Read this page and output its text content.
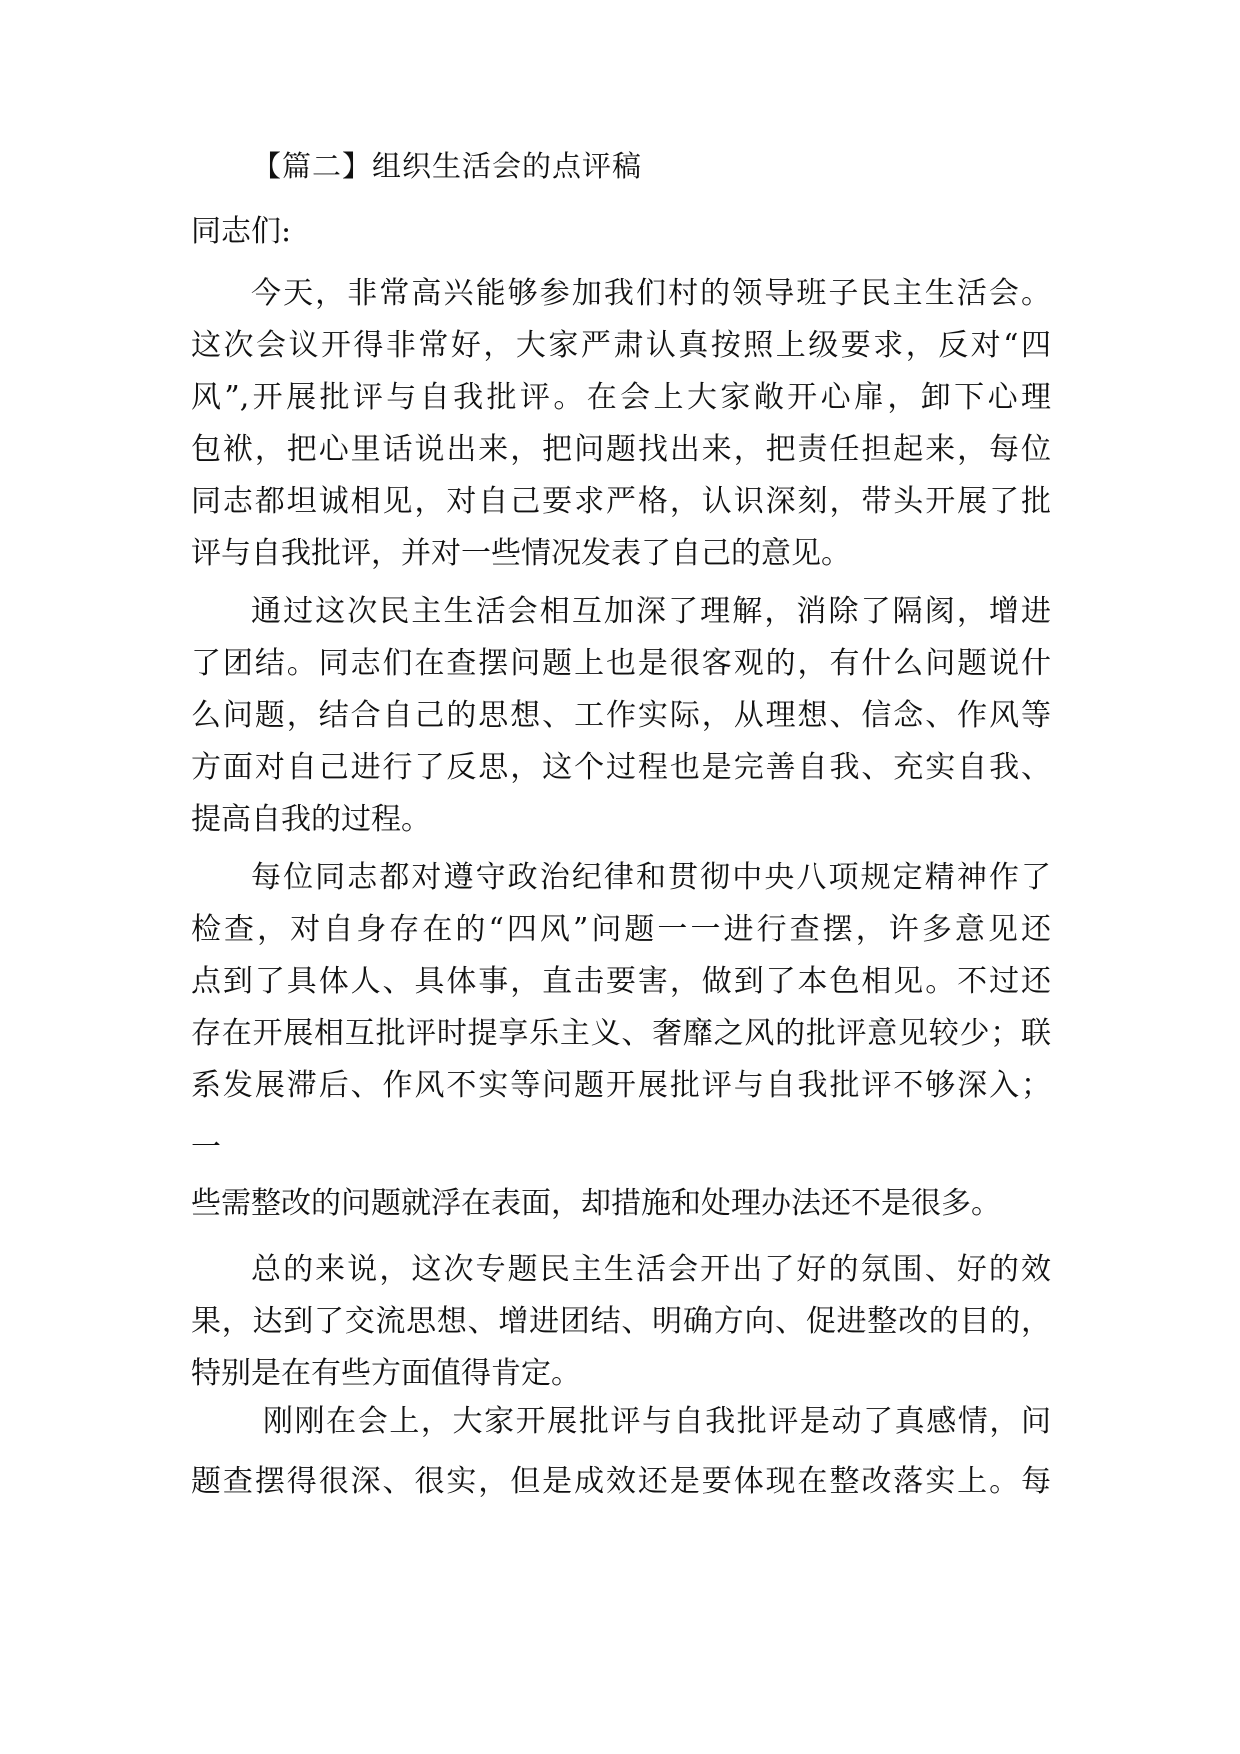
【篇二】组织生活会的点评稿
同志们:
今天，非常高兴能够参加我们村的领导班子民主生活会。
这次会议开得非常好，大家严肃认真按照上级要求，反对“四
风”,开展批评与自我批评。在会上大家敞开心扉，卸下心理
包袱，把心里话说出来，把问题找出来，把责任担起来，每位
同志都坦诚相见，对自己要求严格，认识深刻，带头开展了批
评与自我批评，并对一些情况发表了自己的意见。
通过这次民主生活会相互加深了理解，消除了隔阂，增进
了团结。同志们在查摆问题上也是很客观的，有什么问题说什
么问题，结合自己的思想、工作实际，从理想、信念、作风等
方面对自己进行了反思，这个过程也是完善自我、充实自我、
提高自我的过程。
每位同志都对遵守政治纪律和贯彻中央八项规定精神作了
检查，对自身存在的“四风”问题一一进行查摆，许多意见还
点到了具体人、具体事，直击要害，做到了本色相见。不过还
存在开展相互批评时提享乐主义、奢靡之风的批评意见较少；联
系发展滞后、作风不实等问题开展批评与自我批评不够深入；
一
些需整改的问题就浮在表面，却措施和处理办法还不是很多。
总的来说，这次专题民主生活会开出了好的氛围、好的效
果，达到了交流思想、增进团结、明确方向、促进整改的目的，
特别是在有些方面值得肯定。
刚刚在会上，大家开展批评与自我批评是动了真感情，问
题查摆得很深、很实，但是成效还是要体现在整改落实上。每
